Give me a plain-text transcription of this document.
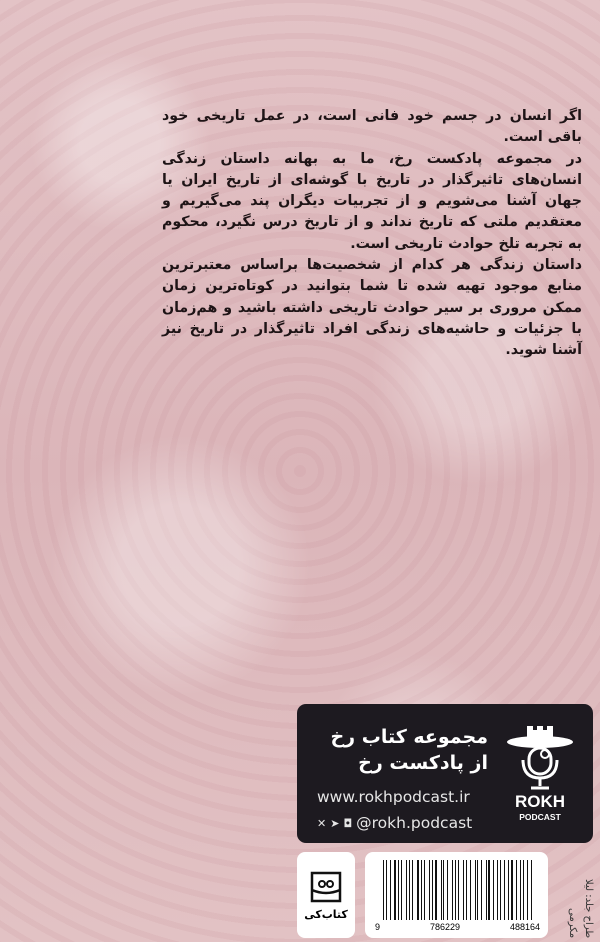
اگر انسان در جسم خود فانی است، در عمل تاریخی خود باقی است.

در مجموعه پادکست رخ، ما به بهانه داستان زندگی انسان‌های تاثیرگذار در تاریخ با گوشه‌ای از تاریخ ایران یا جهان آشنا می‌شویم و از تجربیات دیگران پند می‌گیریم و معتقدیم ملتی که تاریخ نداند و از تاریخ درس نگیرد، محکوم به تجربه تلخ حوادث تاریخی است.

داستان زندگی هر کدام از شخصیت‌ها براساس معتبرترین منابع موجود تهیه شده تا شما بتوانید در کوتاه‌ترین زمان ممکن مروری بر سیر حوادث تاریخی داشته باشید و هم‌زمان با جزئیات و حاشیه‌های زندگی افراد تاثیرگذار در تاریخ نیز آشنا شوید.

مجموعه کتاب رخ
از پادکست رخ
www.rokhpodcast.ir
✕ ➤ ◘ @rokh.podcast
ROKH
PODCAST
کتاب‌کی
9	786229	488164	طراح جلد: لیلا مکرمی
